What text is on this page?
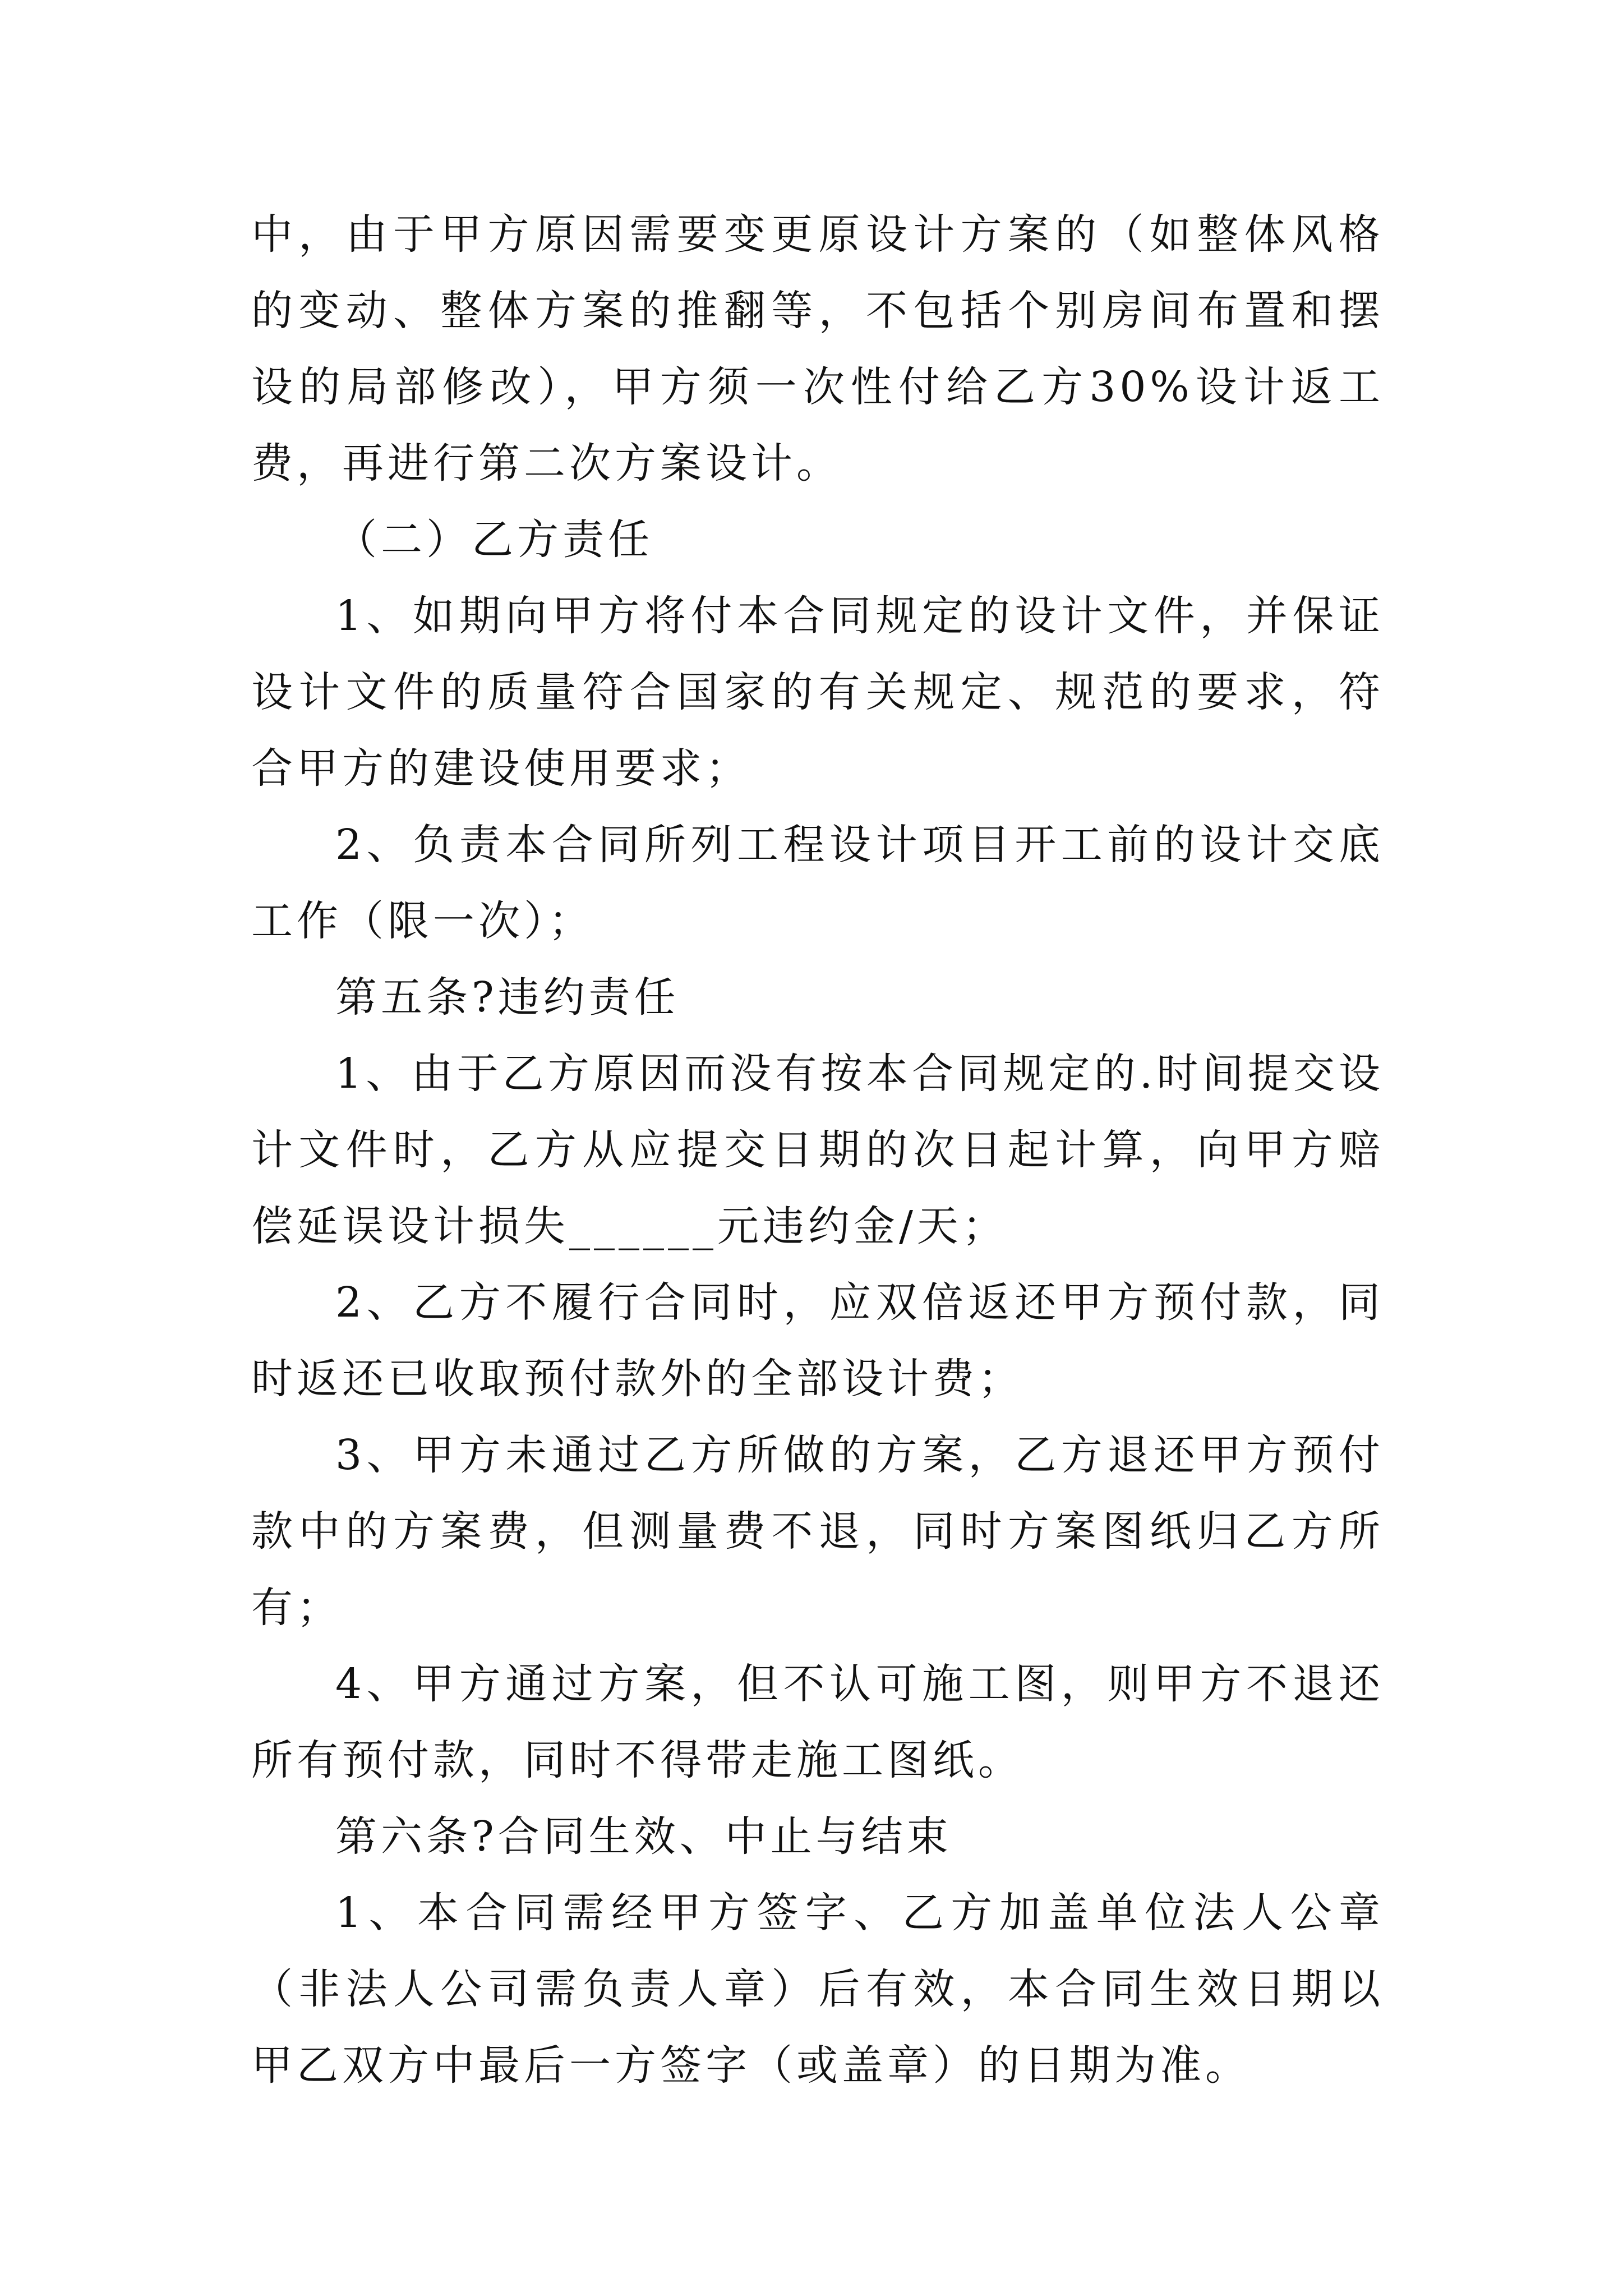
中，由于甲方原因需要变更原设计方案的（如整体风格的变动、整体方案的推翻等，不包括个别房间布置和摆设的局部修改），甲方须一次性付给乙方30%设计返工费，再进行第二次方案设计。

（二）乙方责任

1、如期向甲方将付本合同规定的设计文件，并保证设计文件的质量符合国家的有关规定、规范的要求，符合甲方的建设使用要求；

2、负责本合同所列工程设计项目开工前的设计交底工作（限一次）；

第五条?违约责任

1、由于乙方原因而没有按本合同规定的.时间提交设计文件时，乙方从应提交日期的次日起计算，向甲方赔偿延误设计损失______元违约金/天；

2、乙方不履行合同时，应双倍返还甲方预付款，同时返还已收取预付款外的全部设计费；

3、甲方未通过乙方所做的方案，乙方退还甲方预付款中的方案费，但测量费不退，同时方案图纸归乙方所有；

4、甲方通过方案，但不认可施工图，则甲方不退还所有预付款，同时不得带走施工图纸。

第六条?合同生效、中止与结束

1、本合同需经甲方签字、乙方加盖单位法人公章（非法人公司需负责人章）后有效，本合同生效日期以甲乙双方中最后一方签字（或盖章）的日期为准。
